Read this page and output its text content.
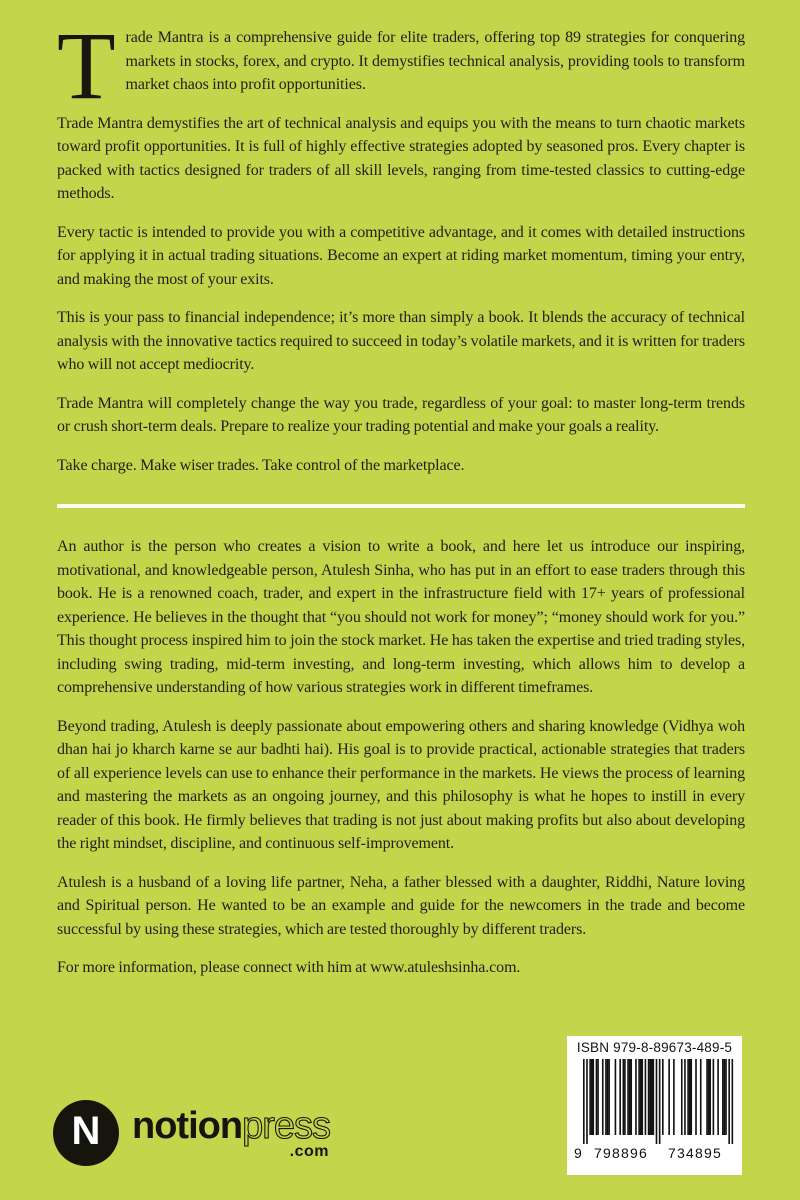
Trade Mantra is a comprehensive guide for elite traders, offering top 89 strategies for conquering markets in stocks, forex, and crypto. It demystifies technical analysis, providing tools to transform market chaos into profit opportunities.

Trade Mantra demystifies the art of technical analysis and equips you with the means to turn chaotic markets toward profit opportunities. It is full of highly effective strategies adopted by seasoned pros. Every chapter is packed with tactics designed for traders of all skill levels, ranging from time-tested classics to cutting-edge methods.

Every tactic is intended to provide you with a competitive advantage, and it comes with detailed instructions for applying it in actual trading situations. Become an expert at riding market momentum, timing your entry, and making the most of your exits.

This is your pass to financial independence; it’s more than simply a book. It blends the accuracy of technical analysis with the innovative tactics required to succeed in today’s volatile markets, and it is written for traders who will not accept mediocrity.

Trade Mantra will completely change the way you trade, regardless of your goal: to master long-term trends or crush short-term deals. Prepare to realize your trading potential and make your goals a reality.

Take charge. Make wiser trades. Take control of the marketplace.

An author is the person who creates a vision to write a book, and here let us introduce our inspiring, motivational, and knowledgeable person, Atulesh Sinha, who has put in an effort to ease traders through this book. He is a renowned coach, trader, and expert in the infrastructure field with 17+ years of professional experience. He believes in the thought that “you should not work for money”; “money should work for you.” This thought process inspired him to join the stock market. He has taken the expertise and tried trading styles, including swing trading, mid-term investing, and long-term investing, which allows him to develop a comprehensive understanding of how various strategies work in different timeframes.

Beyond trading, Atulesh is deeply passionate about empowering others and sharing knowledge (Vidhya woh dhan hai jo kharch karne se aur badhti hai). His goal is to provide practical, actionable strategies that traders of all experience levels can use to enhance their performance in the markets. He views the process of learning and mastering the markets as an ongoing journey, and this philosophy is what he hopes to instill in every reader of this book. He firmly believes that trading is not just about making profits but also about developing the right mindset, discipline, and continuous self-improvement.

Atulesh is a husband of a loving life partner, Neha, a father blessed with a daughter, Riddhi, Nature loving and Spiritual person. He wanted to be an example and guide for the newcomers in the trade and become successful by using these strategies, which are tested thoroughly by different traders.

For more information, please connect with him at www.atuleshsinha.com.

ISBN 979-8-89673-489-5
9 798896 734895
N notionpress
.com
